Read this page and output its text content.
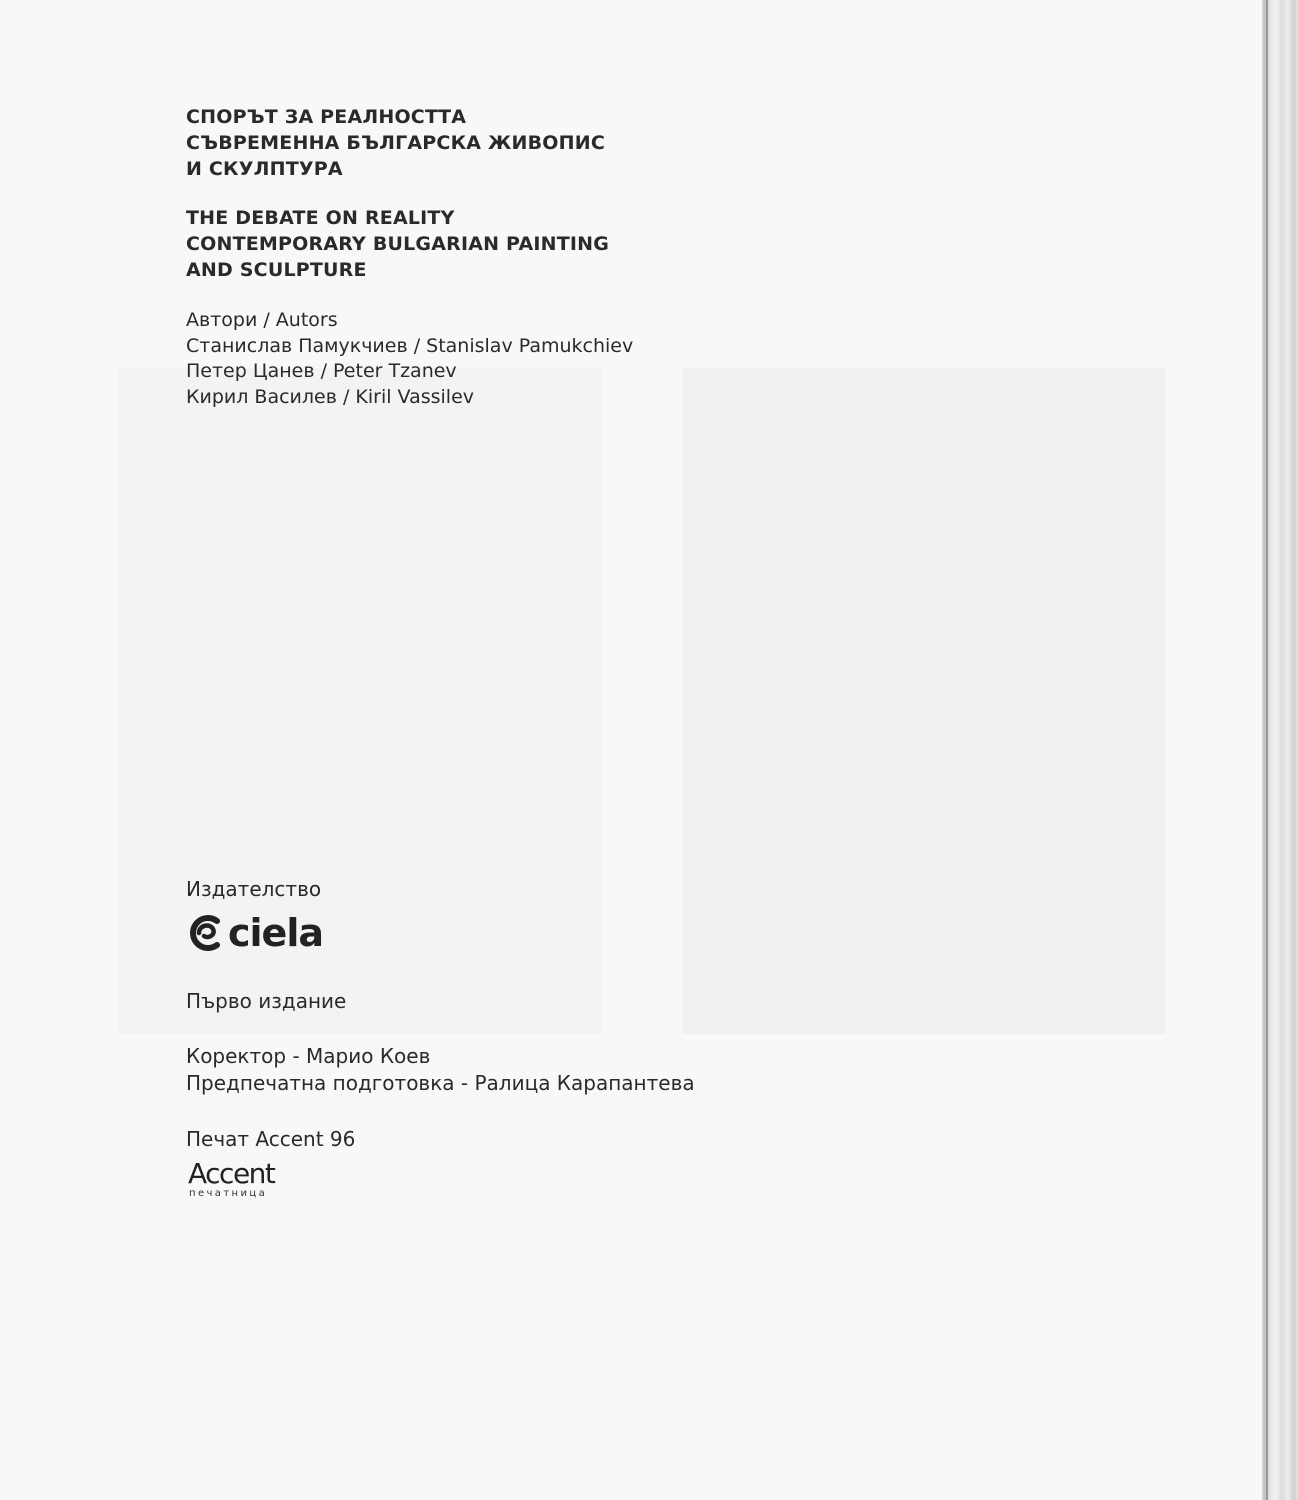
СПОРЪТ ЗА РЕАЛНОСТТА
СЪВРЕМЕННА БЪЛГАРСКА ЖИВОПИС
И СКУЛПТУРА
THE DEBATE ON REALITY
CONTEMPORARY BULGARIAN PAINTING
AND SCULPTURE
Автори / Autors
Станислав Памукчиев / Stanislav Pamukchiev
Петер Цанев / Peter Tzanev
Кирил Василев / Kiril Vassilev
Издателство
ciela
Първо издание
Коректор - Марио Коев
Предпечатна подготовка - Ралица Карапантева
Печат Accent 96
Accent
печатница
